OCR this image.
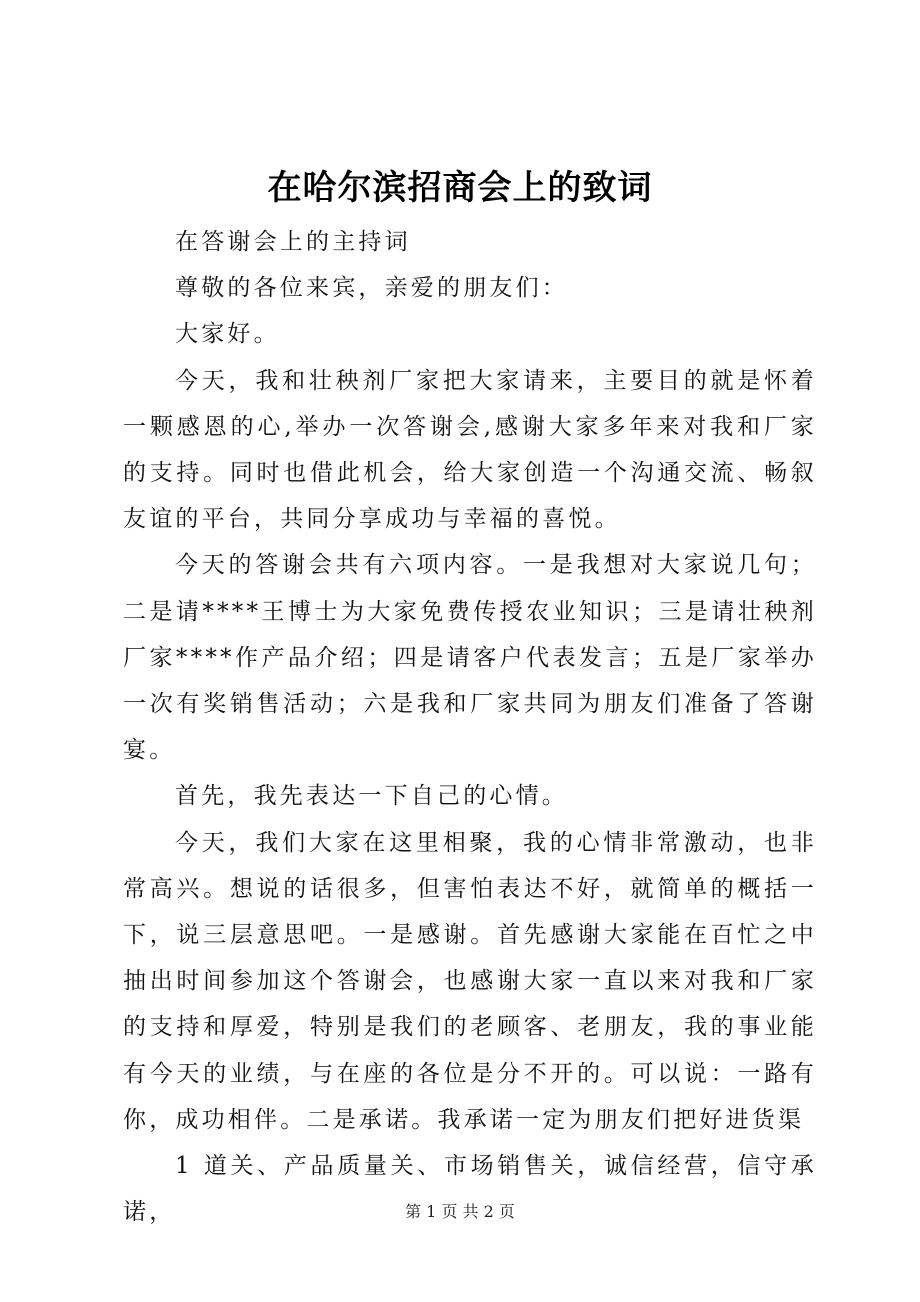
在哈尔滨招商会上的致词

在答谢会上的主持词

尊敬的各位来宾，亲爱的朋友们：

大家好。

今天，我和壮秧剂厂家把大家请来，主要目的就是怀着一颗感恩的心,举办一次答谢会,感谢大家多年来对我和厂家的支持。同时也借此机会，给大家创造一个沟通交流、畅叙友谊的平台，共同分享成功与幸福的喜悦。

今天的答谢会共有六项内容。一是我想对大家说几句；二是请****王博士为大家免费传授农业知识；三是请壮秧剂厂家****作产品介绍；四是请客户代表发言；五是厂家举办一次有奖销售活动；六是我和厂家共同为朋友们准备了答谢宴。

首先，我先表达一下自己的心情。

今天，我们大家在这里相聚，我的心情非常激动，也非常高兴。想说的话很多，但害怕表达不好，就简单的概括一下，说三层意思吧。一是感谢。首先感谢大家能在百忙之中抽出时间参加这个答谢会，也感谢大家一直以来对我和厂家的支持和厚爱，特别是我们的老顾客、老朋友，我的事业能有今天的业绩，与在座的各位是分不开的。可以说：一路有你，成功相伴。二是承诺。我承诺一定为朋友们把好进货渠

1 道关、产品质量关、市场销售关，诚信经营，信守承诺，	第 1 页 共 2 页
